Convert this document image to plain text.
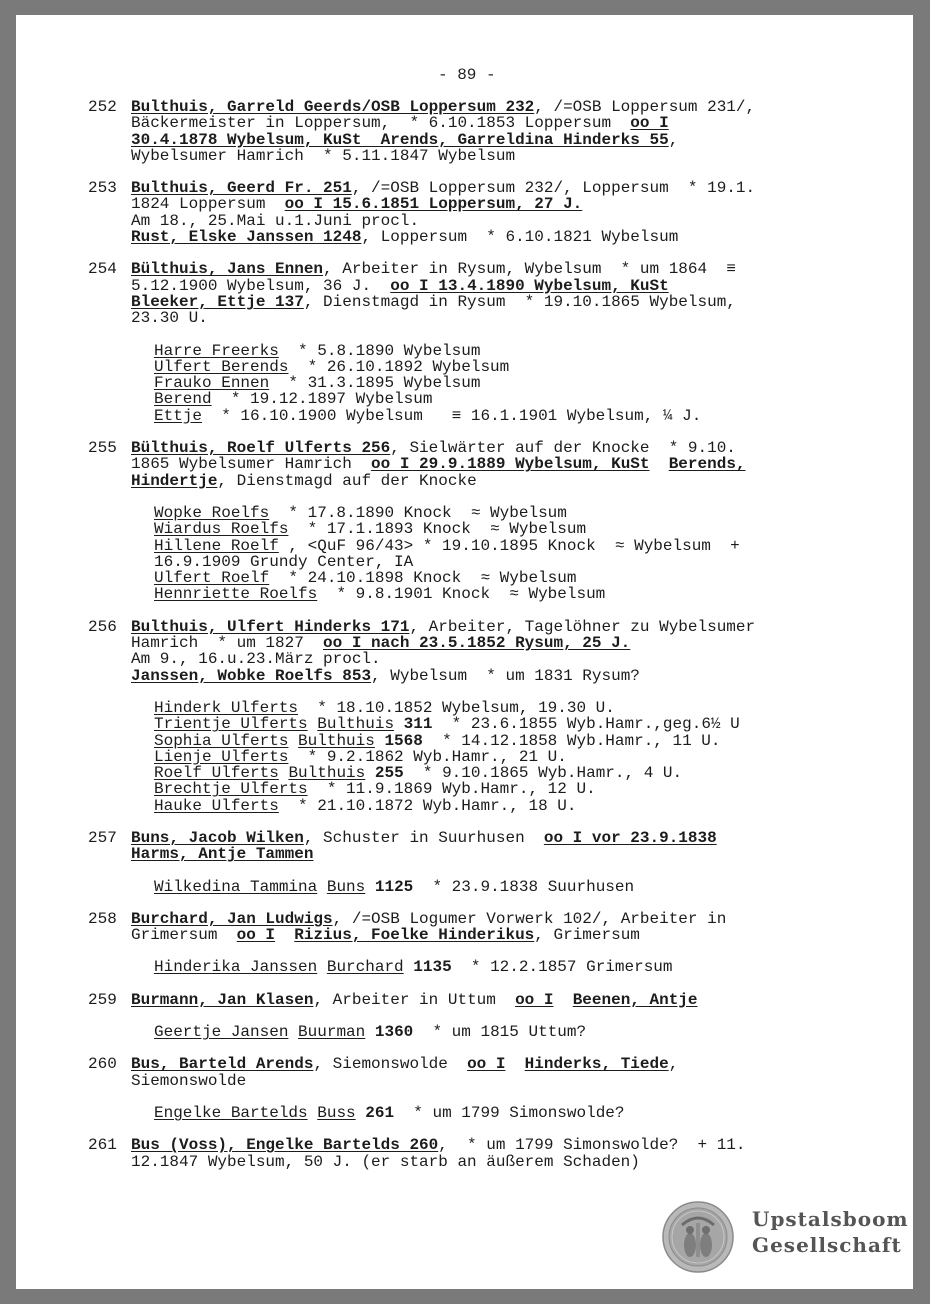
- 89 -
252 Bulthuis, Garreld Geerds/OSB Loppersum 232, /=OSB Loppersum 231/,
Bäckermeister in Loppersum,  * 6.10.1853 Loppersum  oo I
30.4.1878 Wybelsum, KuSt  Arends, Garreldina Hinderks 55,
Wybelsumer Hamrich  * 5.11.1847 Wybelsum
253 Bulthuis, Geerd Fr. 251, /=OSB Loppersum 232/, Loppersum  * 19.1.
1824 Loppersum  oo I 15.6.1851 Loppersum, 27 J.
Am 18., 25.Mai u.1.Juni procl.
Rust, Elske Janssen 1248, Loppersum  * 6.10.1821 Wybelsum
254 Bülthuis, Jans Ennen, Arbeiter in Rysum, Wybelsum  * um 1864  ≡
5.12.1900 Wybelsum, 36 J.  oo I 13.4.1890 Wybelsum, KuSt
Bleeker, Ettje 137, Dienstmagd in Rysum  * 19.10.1865 Wybelsum,
23.30 U.
Harre Freerks  * 5.8.1890 Wybelsum
Ulfert Berends  * 26.10.1892 Wybelsum
Frauko Ennen  * 31.3.1895 Wybelsum
Berend  * 19.12.1897 Wybelsum
Ettje  * 16.10.1900 Wybelsum   ≡ 16.1.1901 Wybelsum, ¼ J.
255 Bülthuis, Roelf Ulferts 256, Sielwärter auf der Knocke  * 9.10.
1865 Wybelsumer Hamrich  oo I 29.9.1889 Wybelsum, KuSt Berends,
Hindertje, Dienstmagd auf der Knocke
Wopke Roelfs  * 17.8.1890 Knock  ≈ Wybelsum
Wiardus Roelfs  * 17.1.1893 Knock  ≈ Wybelsum
Hillene Roelf , <QuF 96/43> * 19.10.1895 Knock  ≈ Wybelsum  +
16.9.1909 Grundy Center, IA
Ulfert Roelf  * 24.10.1898 Knock  ≈ Wybelsum
Hennriette Roelfs  * 9.8.1901 Knock  ≈ Wybelsum
256 Bulthuis, Ulfert Hinderks 171, Arbeiter, Tagelöhner zu Wybelsumer
Hamrich  * um 1827  oo I nach 23.5.1852 Rysum, 25 J.
Am 9., 16.u.23.März procl.
Janssen, Wobke Roelfs 853, Wybelsum  * um 1831 Rysum?
Hinderk Ulferts  * 18.10.1852 Wybelsum, 19.30 U.
Trientje Ulferts Bulthuis 311  * 23.6.1855 Wyb.Hamr.,geg.6½ U
Sophia Ulferts Bulthuis 1568  * 14.12.1858 Wyb.Hamr., 11 U.
Lienje Ulferts  * 9.2.1862 Wyb.Hamr., 21 U.
Roelf Ulferts Bulthuis 255  * 9.10.1865 Wyb.Hamr., 4 U.
Brechtje Ulferts  * 11.9.1869 Wyb.Hamr., 12 U.
Hauke Ulferts  * 21.10.1872 Wyb.Hamr., 18 U.
257 Buns, Jacob Wilken, Schuster in Suurhusen  oo I vor 23.9.1838
Harms, Antje Tammen
Wilkedina Tammina Buns 1125  * 23.9.1838 Suurhusen
258 Burchard, Jan Ludwigs, /=OSB Logumer Vorwerk 102/, Arbeiter in
Grimersum  oo I Rizius, Foelke Hinderikus, Grimersum
Hinderika Janssen Burchard 1135  * 12.2.1857 Grimersum
259 Burmann, Jan Klasen, Arbeiter in Uttum  oo I Beenen, Antje
Geertje Jansen Buurman 1360  * um 1815 Uttum?
260 Bus, Barteld Arends, Siemonswolde  oo I Hinderks, Tiede,
Siemonswolde
Engelke Bartelds Buss 261  * um 1799 Simonswolde?
261 Bus (Voss), Engelke Bartelds 260,  * um 1799 Simonswolde?  + 11.
12.1847 Wybelsum, 50 J. (er starb an äußerem Schaden)
Upstalsboom
Gesellschaft
